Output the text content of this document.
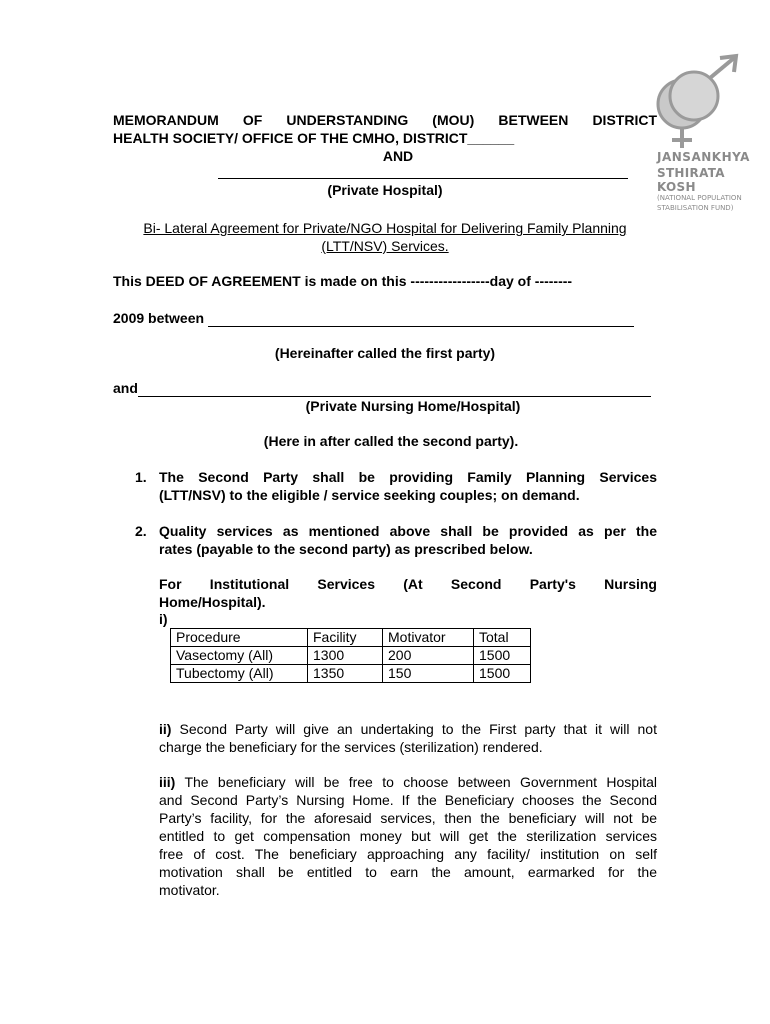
JANSANKHYA
STHIRATA KOSH
(NATIONAL POPULATION
STABILISATION FUND)
MEMORANDUM OF UNDERSTANDING (MOU) BETWEEN DISTRICT
HEALTH SOCIETY/ OFFICE OF THE CMHO, DISTRICT______
AND
(Private Hospital)
Bi- Lateral Agreement for Private/NGO Hospital for Delivering Family Planning
(LTT/NSV) Services.
This DEED OF AGREEMENT is made on this -----------------day of --------
2009 between
(Hereinafter called the first party)
and
(Private Nursing Home/Hospital)
(Here in after called the second party).
1. The Second Party shall be providing Family Planning Services
(LTT/NSV) to the eligible / service seeking couples; on demand.
2. Quality services as mentioned above shall be provided as per the
rates (payable to the second party) as prescribed below.
For Institutional Services (At Second Party's Nursing
Home/Hospital).
i)
Procedure	Facility	Motivator	Total
Vasectomy (All)	1300	200	1500
Tubectomy (All)	1350	150	1500
ii) Second Party will give an undertaking to the First party that it will not
charge the beneficiary for the services (sterilization) rendered.
iii) The beneficiary will be free to choose between Government Hospital
and Second Party’s Nursing Home. If the Beneficiary chooses the Second
Party’s facility, for the aforesaid services, then the beneficiary will not be
entitled to get compensation money but will get the sterilization services
free of cost. The beneficiary approaching any facility/ institution on self
motivation shall be entitled to earn the amount, earmarked for the
motivator.
